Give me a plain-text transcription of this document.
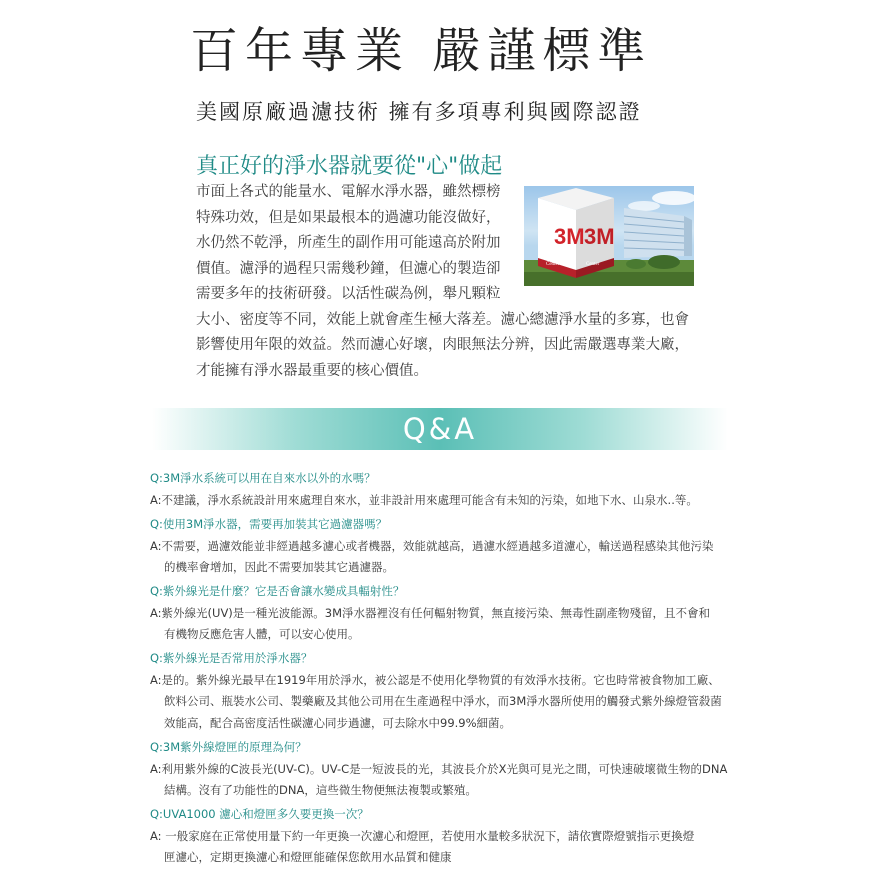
百年專業 嚴謹標準
美國原廠過濾技術 擁有多項專利與國際認證
真正好的淨水器就要從"心"做起
市面上各式的能量水、電解水淨水器，雖然標榜
特殊功效，但是如果最根本的過濾功能沒做好，
水仍然不乾淨，所產生的副作用可能遠高於附加
價值。濾淨的過程只需幾秒鐘，但濾心的製造卻
需要多年的技術研發。以活性碳為例，舉凡顆粒
大小、密度等不同，效能上就會產生極大落差。濾心總濾淨水量的多寡，也會
影響使用年限的效益。然而濾心好壞，肉眼無法分辨，因此需嚴選專業大廠，
才能擁有淨水器最重要的核心價值。
3M 3M
Center	Center
Q&A
Q:3M淨水系統可以用在自來水以外的水嗎？
A:不建議，淨水系統設計用來處理自來水，並非設計用來處理可能含有未知的污染，如地下水、山泉水..等。
Q:使用3M淨水器，需要再加裝其它過濾器嗎？
A:不需要，過濾效能並非經過越多濾心或者機器，效能就越高，過濾水經過越多道濾心，輸送過程感染其他污染
的機率會增加，因此不需要加裝其它過濾器。
Q:紫外線光是什麼？它是否會讓水變成具輻射性？
A:紫外線光(UV)是一種光波能源。3M淨水器裡沒有任何輻射物質，無直接污染、無毒性副產物殘留，且不會和
有機物反應危害人體，可以安心使用。
Q:紫外線光是否常用於淨水器？
A:是的。紫外線光最早在1919年用於淨水，被公認是不使用化學物質的有效淨水技術。它也時常被食物加工廠、
飲料公司、瓶裝水公司、製藥廠及其他公司用在生產過程中淨水，而3M淨水器所使用的觸發式紫外線燈管殺菌
效能高，配合高密度活性碳濾心同步過濾，可去除水中99.9%細菌。
Q:3M紫外線燈匣的原理為何？
A:利用紫外線的C波長光(UV-C)。UV-C是一短波長的光，其波長介於X光與可見光之間，可快速破壞微生物的DNA
結構。沒有了功能性的DNA，這些微生物便無法複製或繁殖。
Q:UVA1000 濾心和燈匣多久要更換一次？
A: 一般家庭在正常使用量下約一年更換一次濾心和燈匣，若使用水量較多狀況下，請依實際燈號指示更換燈
匣濾心，定期更換濾心和燈匣能確保您飲用水品質和健康
